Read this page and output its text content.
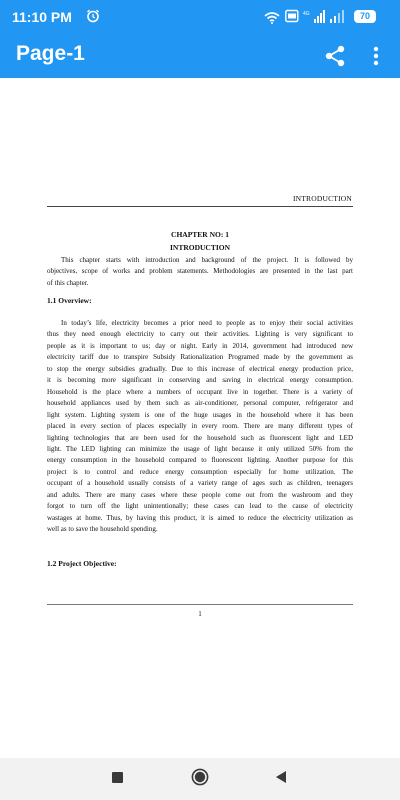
11:10 PM	4G	70
Page-1
INTRODUCTION
CHAPTER NO: 1
INTRODUCTION
This chapter starts with introduction and background of the project. It is followed by
objectives, scope of works and problem statements. Methodologies are presented in the last part
of this chapter.
1.1 Overview:
In today’s life, electricity becomes a prior need to people as to enjoy their social activities
thus they need enough electricity to carry out their activities. Lighting is very significant to
people as it is important to us; day or night. Early in 2014, government had introduced new
electricity tariff due to transpire Subsidy Rationalization Programed made by the government as
to stop the energy subsidies gradually. Due to this increase of electrical energy production price,
it is becoming more significant in conserving and saving in electrical energy consumption.
Household is the place where a numbers of occupant live in together. There is a variety of
household appliances used by them such as air-conditioner, personal computer, refrigerator and
light system. Lighting system is one of the huge usages in the household where it has been
placed in every section of places especially in every room. There are many different types of
lighting technologies that are been used for the household such as fluorescent light and LED
light. The LED lighting can minimize the usage of light because it only utilized 50% from the
energy consumption in the household compared to fluorescent lighting. Another purpose for this
project is to control and reduce energy consumption especially for home utilization. The
occupant of a household usually consists of a variety range of ages such as children, teenagers
and adults. There are many cases where these people come out from the washroom and they
forgot to turn off the light unintentionally; these cases can lead to the cause of electricity
wastages at home. Thus, by having this product, it is aimed to reduce the electricity utilization as
well as to save the household spending.
1.2 Project Objective:
1
